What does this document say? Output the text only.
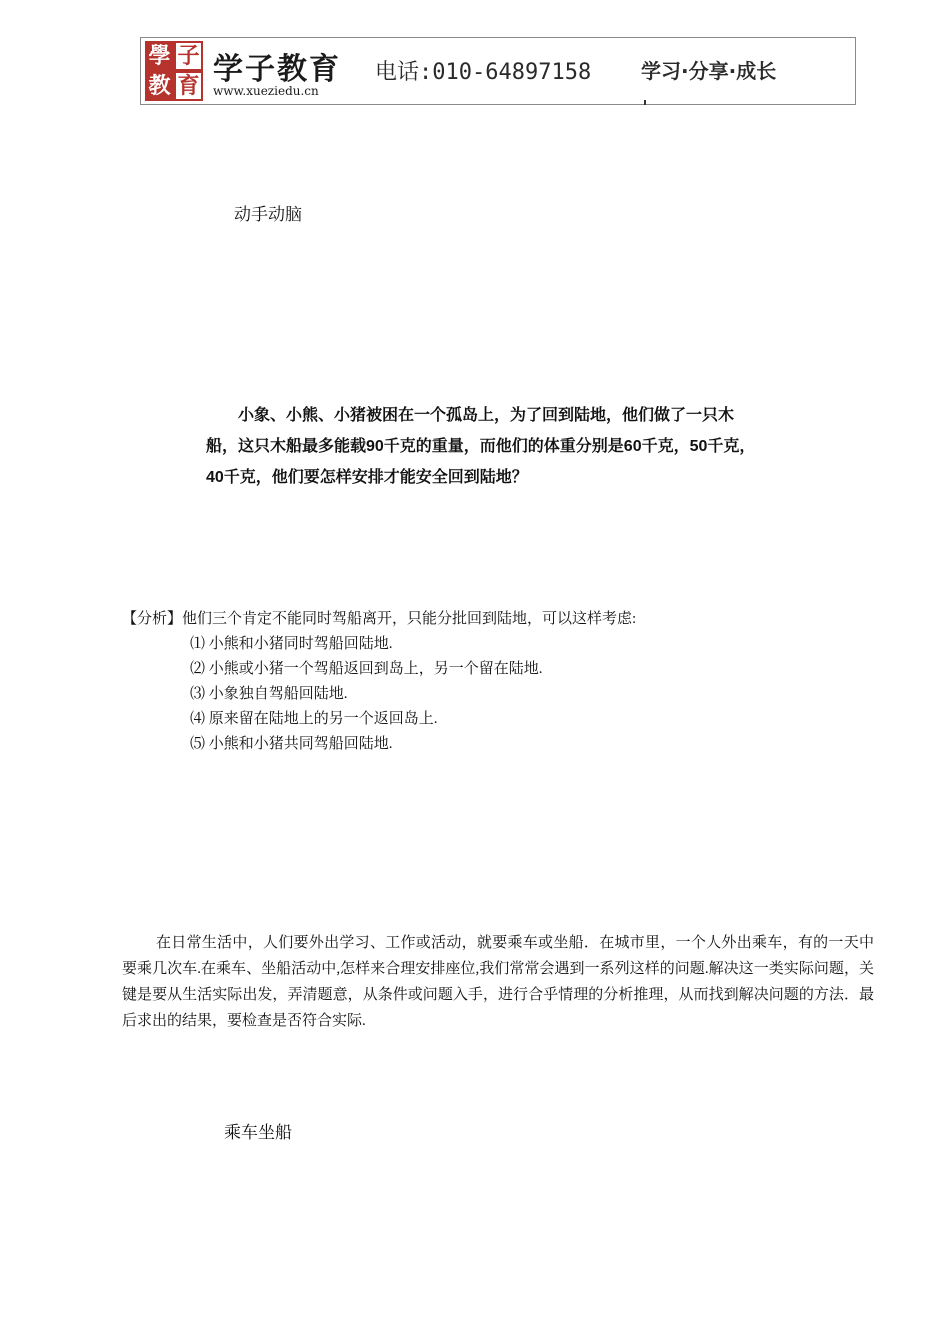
學 子
教 育 学子教育
www.xueziedu.cn
电话:010-64897158 学习·分享·成长
动手动脑
小象、小熊、小猪被困在一个孤岛上，为了回到陆地，他们做了一只木船，这只木船最多能载90千克的重量，而他们的体重分别是60千克，50千克，40千克，他们要怎样安排才能安全回到陆地？
【分析】他们三个肯定不能同时驾船离开，只能分批回到陆地，可以这样考虑:
⑴ 小熊和小猪同时驾船回陆地.
⑵ 小熊或小猪一个驾船返回到岛上，另一个留在陆地.
⑶ 小象独自驾船回陆地.
⑷ 原来留在陆地上的另一个返回岛上.
⑸ 小熊和小猪共同驾船回陆地.
在日常生活中，人们要外出学习、工作或活动，就要乘车或坐船．在城市里，一个人外出乘车，有的一天中要乘几次车.在乘车、坐船活动中,怎样来合理安排座位,我们常常会遇到一系列这样的问题.解决这一类实际问题，关键是要从生活实际出发，弄清题意，从条件或问题入手，进行合乎情理的分析推理，从而找到解决问题的方法．最后求出的结果，要检查是否符合实际.
乘车坐船
